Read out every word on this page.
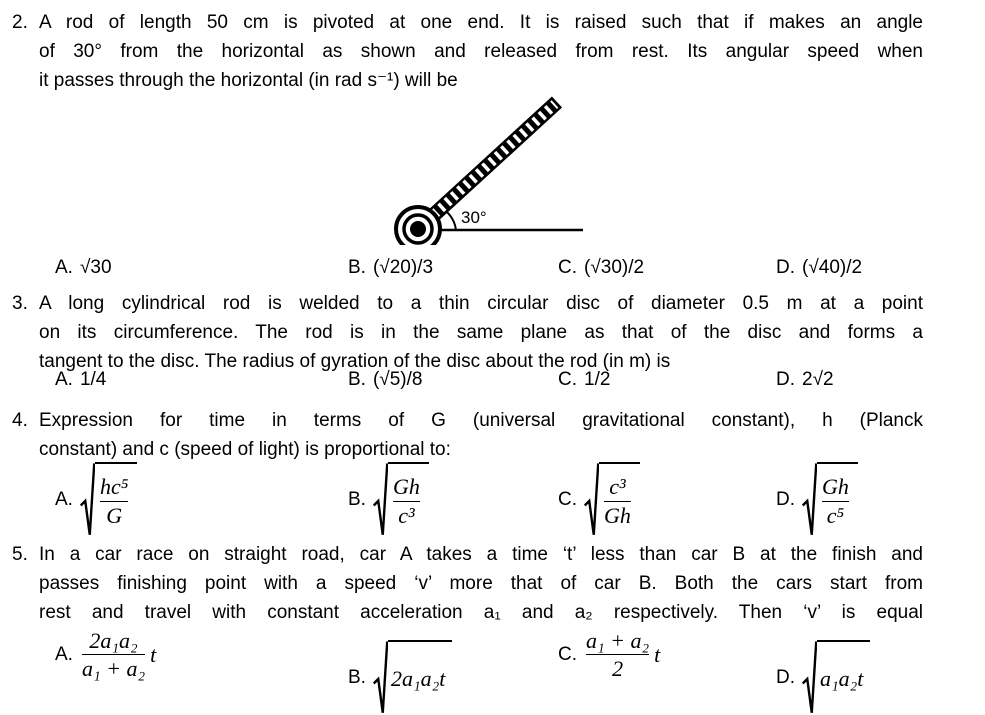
2. A rod of length 50 cm is pivoted at one end. It is raised such that if makes an angle
of 30° from the horizontal as shown and released from rest. Its angular speed when
it passes through the horizontal (in rad s⁻¹) will be
30°
A. √30	B. (√20)/3	C. (√30)/2	D. (√40)/2
3. A long cylindrical rod is welded to a thin circular disc of diameter 0.5 m at a point
on its circumference. The rod is in the same plane as that of the disc and forms a
tangent to the disc. The radius of gyration of the disc about the rod (in m) is
A. 1/4	B. (√5)/8	C. 1/2	D. 2√2
4. Expression for time in terms of G (universal gravitational constant), h (Planck
constant) and c (speed of light) is proportional to:
A. $\frac{\text{hc⁵}}{G}$	B. $\frac{Gh}{\text{c³}}$	C. $\frac{\text{c³}}{Gh}$	D. $\frac{Gh}{\text{c⁵}}$
5. In a car race on straight road, car A takes a time ‘t’ less than car B at the finish and
passes finishing point with a speed ‘v’ more that of car B. Both the cars start from
rest and travel with constant acceleration a₁ and a₂ respectively. Then ‘v’ is equal
A. $\frac{\text{2a₁a₂}}{\text{a₁ + a₂}}$ t
B. 2a₁a₂t
C. $\frac{\text{a₁ + a₂}}{2}$ t
D. a₁a₂t
